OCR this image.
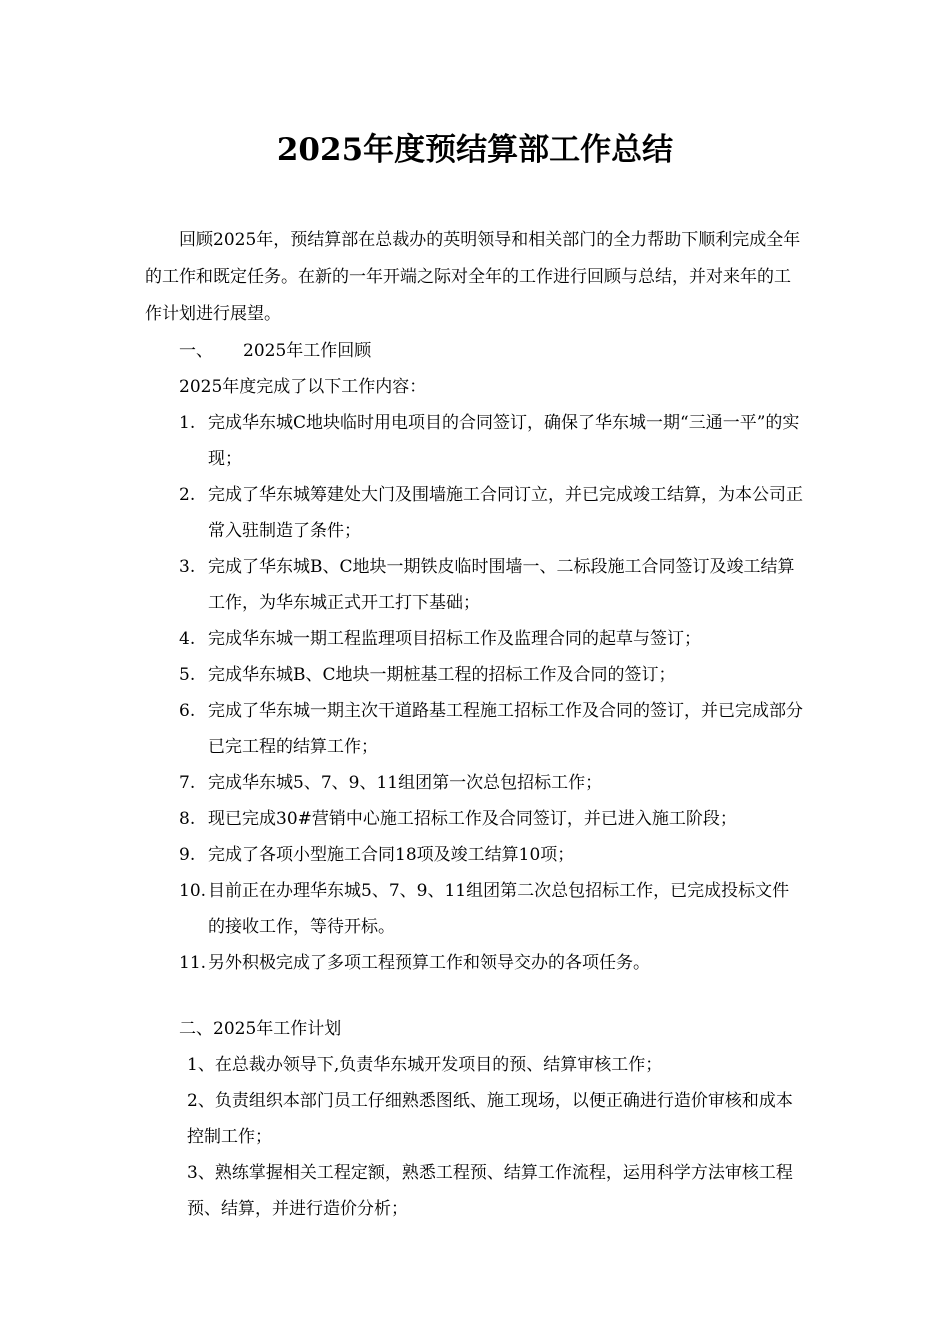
2025年度预结算部工作总结

回顾2025年，预结算部在总裁办的英明领导和相关部门的全力帮助下顺利完成全年的工作和既定任务。在新的一年开端之际对全年的工作进行回顾与总结，并对来年的工作计划进行展望。

一、 2025年工作回顾

2025年度完成了以下工作内容：

1. 完成华东城C地块临时用电项目的合同签订，确保了华东城一期“三通一平”的实现；
2. 完成了华东城筹建处大门及围墙施工合同订立，并已完成竣工结算，为本公司正常入驻制造了条件；
3. 完成了华东城B、C地块一期铁皮临时围墙一、二标段施工合同签订及竣工结算工作，为华东城正式开工打下基础；
4. 完成华东城一期工程监理项目招标工作及监理合同的起草与签订；
5. 完成华东城B、C地块一期桩基工程的招标工作及合同的签订；
6. 完成了华东城一期主次干道路基工程施工招标工作及合同的签订，并已完成部分已完工程的结算工作；
7. 完成华东城5、7、9、11组团第一次总包招标工作；
8. 现已完成30#营销中心施工招标工作及合同签订，并已进入施工阶段；
9. 完成了各项小型施工合同18项及竣工结算10项；
10. 目前正在办理华东城5、7、9、11组团第二次总包招标工作，已完成投标文件的接收工作，等待开标。
11. 另外积极完成了多项工程预算工作和领导交办的各项任务。

二、2025年工作计划

1、在总裁办领导下,负责华东城开发项目的预、结算审核工作；
2、负责组织本部门员工仔细熟悉图纸、施工现场，以便正确进行造价审核和成本控制工作；
3、熟练掌握相关工程定额，熟悉工程预、结算工作流程，运用科学方法审核工程预、结算，并进行造价分析；
